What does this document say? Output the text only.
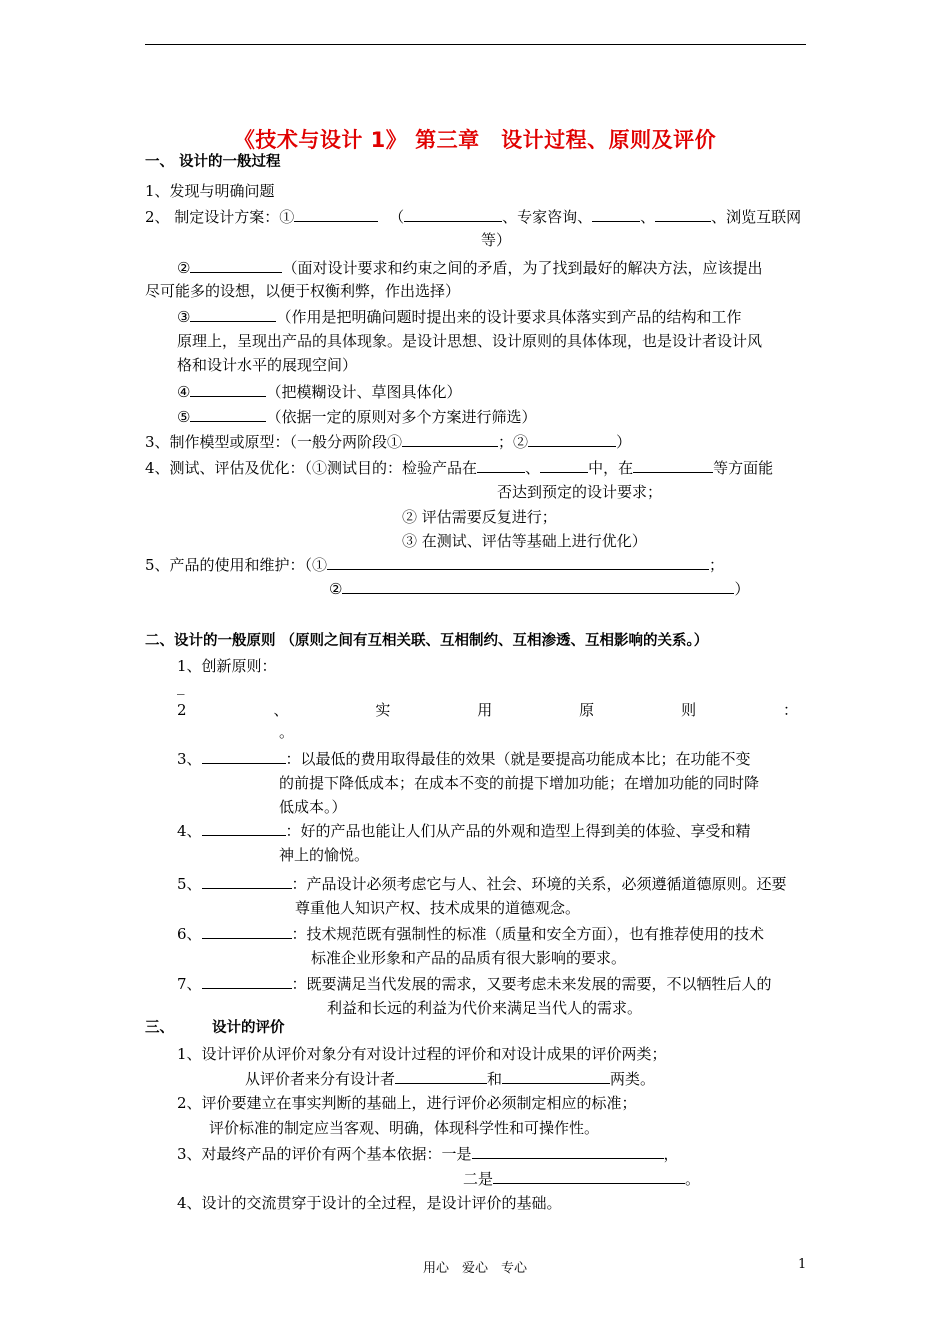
《技术与设计 1》 第三章　设计过程、原则及评价
一、 设计的一般过程
1、发现与明确问题
2、 制定设计方案：①	（	、专家咨询、	、	、浏览互联网
等）
②	（面对设计要求和约束之间的矛盾，为了找到最好的解决方法，应该提出
尽可能多的设想，以便于权衡利弊，作出选择）
③	（作用是把明确问题时提出来的设计要求具体落实到产品的结构和工作
原理上，呈现出产品的具体现象。是设计思想、设计原则的具体体现，也是设计者设计风
格和设计水平的展现空间）
④	（把模糊设计、草图具体化）
⑤	（依据一定的原则对多个方案进行筛选）
3、制作模型或原型：（一般分两阶段①	；②	）
4、测试、评估及优化：（①测试目的：检验产品在	、	中，在	等方面能
否达到预定的设计要求；
② 评估需要反复进行；
③ 在测试、评估等基础上进行优化）
5、产品的使用和维护：（①	；
②	）
二、设计的一般原则 （原则之间有互相关联、互相制约、互相渗透、互相影响的关系。）
1、创新原则：
_
2	、	实	用	原	则	：
。
3、	：以最低的费用取得最佳的效果（就是要提高功能成本比；在功能不变
的前提下降低成本；在成本不变的前提下增加功能；在增加功能的同时降
低成本。）
4、	：好的产品也能让人们从产品的外观和造型上得到美的体验、享受和精
神上的愉悦。
5、	：产品设计必须考虑它与人、社会、环境的关系，必须遵循道德原则。还要
尊重他人知识产权、技术成果的道德观念。
6、	：技术规范既有强制性的标准（质量和安全方面），也有推荐使用的技术
标准企业形象和产品的品质有很大影响的要求。
7、	：既要满足当代发展的需求，又要考虑未来发展的需要，不以牺牲后人的
利益和长远的利益为代价来满足当代人的需求。
三、	设计的评价
1、设计评价从评价对象分有对设计过程的评价和对设计成果的评价两类；
从评价者来分有设计者	和	两类。
2、评价要建立在事实判断的基础上，进行评价必须制定相应的标准；
评价标准的制定应当客观、明确，体现科学性和可操作性。
3、对最终产品的评价有两个基本依据：一是	，
二是	。
4、设计的交流贯穿于设计的全过程，是设计评价的基础。
用心　爱心　专心	1
